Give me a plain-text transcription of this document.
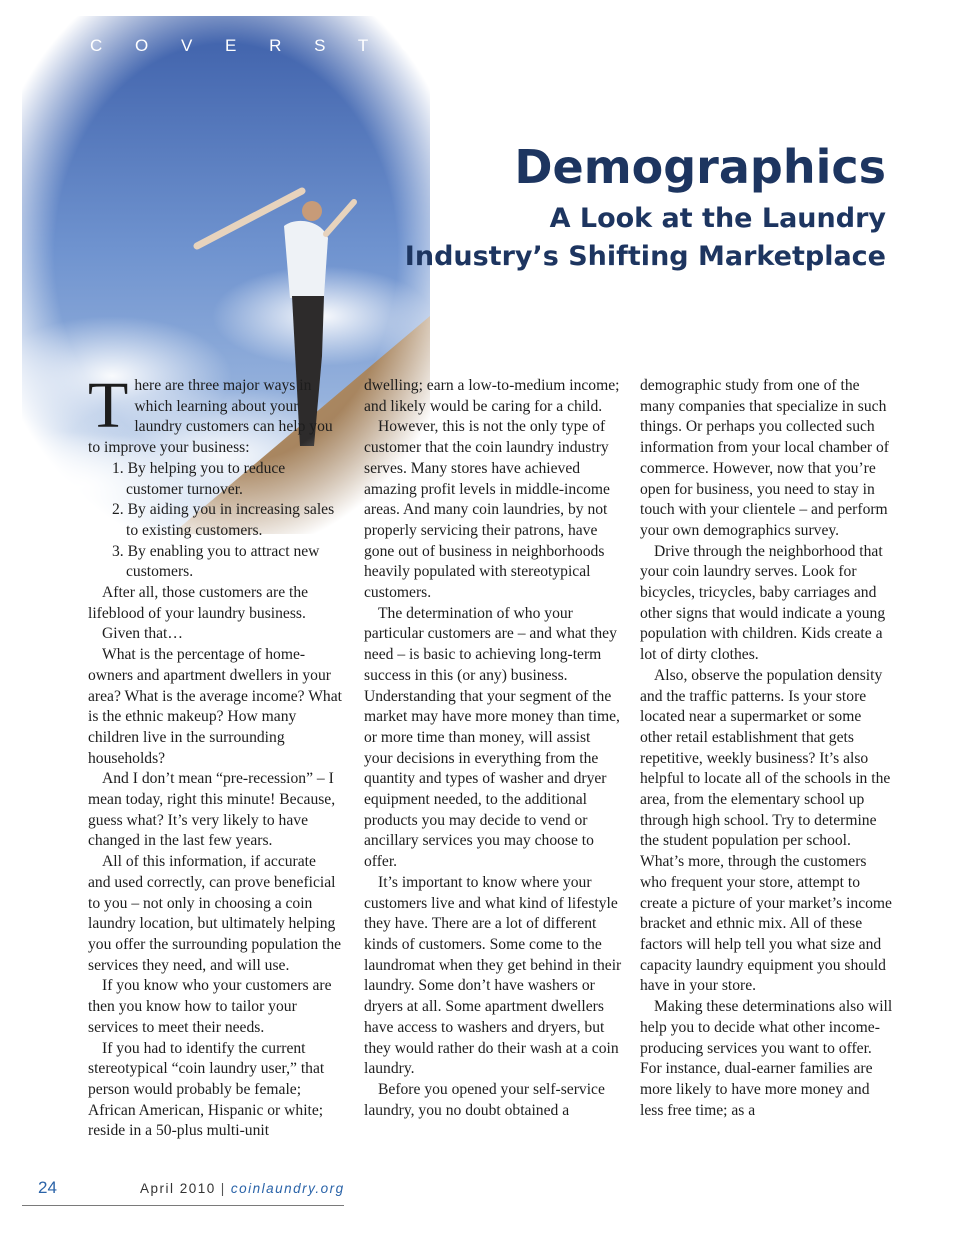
C O V E R S T O R Y
Demographics
A Look at the Laundry
Industry’s Shifting Marketplace

There are three major ways in which learning about your laundry customers can help you to improve your business:

1. By helping you to reduce customer turnover.
2. By aiding you in increasing sales to existing customers.
3. By enabling you to attract new customers.

After all, those customers are the lifeblood of your laundry business.

Given that…

What is the percentage of home-owners and apartment dwellers in your area? What is the average income? What is the ethnic makeup? How many children live in the surrounding households?

And I don’t mean “pre-recession” – I mean today, right this minute! Because, guess what? It’s very likely to have changed in the last few years.

All of this information, if accurate and used correctly, can prove beneficial to you – not only in choosing a coin laundry location, but ultimately helping you offer the surrounding population the services they need, and will use.

If you know who your customers are then you know how to tailor your services to meet their needs.

If you had to identify the current stereotypical “coin laundry user,” that person would probably be female; African American, Hispanic or white; reside in a 50-plus multi-unit

dwelling; earn a low-to-medium income; and likely would be caring for a child.

However, this is not the only type of customer that the coin laundry industry serves. Many stores have achieved amazing profit levels in middle-income areas. And many coin laundries, by not properly servicing their patrons, have gone out of business in neighborhoods heavily populated with stereotypical customers.

The determination of who your particular customers are – and what they need – is basic to achieving long-term success in this (or any) business. Understanding that your segment of the market may have more money than time, or more time than money, will assist your decisions in everything from the quantity and types of washer and dryer equipment needed, to the additional products you may decide to vend or ancillary services you may choose to offer.

It’s important to know where your customers live and what kind of lifestyle they have. There are a lot of different kinds of customers. Some come to the laundromat when they get behind in their laundry. Some don’t have washers or dryers at all. Some apartment dwellers have access to washers and dryers, but they would rather do their wash at a coin laundry.

Before you opened your self-service laundry, you no doubt obtained a

demographic study from one of the many companies that specialize in such things. Or perhaps you collected such information from your local chamber of commerce. However, now that you’re open for business, you need to stay in touch with your clientele – and perform your own demographics survey.

Drive through the neighborhood that your coin laundry serves. Look for bicycles, tricycles, baby carriages and other signs that would indicate a young population with children. Kids create a lot of dirty clothes.

Also, observe the population density and the traffic patterns. Is your store located near a supermarket or some other retail establishment that gets repetitive, weekly business? It’s also helpful to locate all of the schools in the area, from the elementary school up through high school. Try to determine the student population per school. What’s more, through the customers who frequent your store, attempt to create a picture of your market’s income bracket and ethnic mix. All of these factors will help tell you what size and capacity laundry equipment you should have in your store.

Making these determinations also will help you to decide what other income-producing services you want to offer. For instance, dual-earner families are more likely to have more money and less free time; as a

24	April 2010 | coinlaundry.org
